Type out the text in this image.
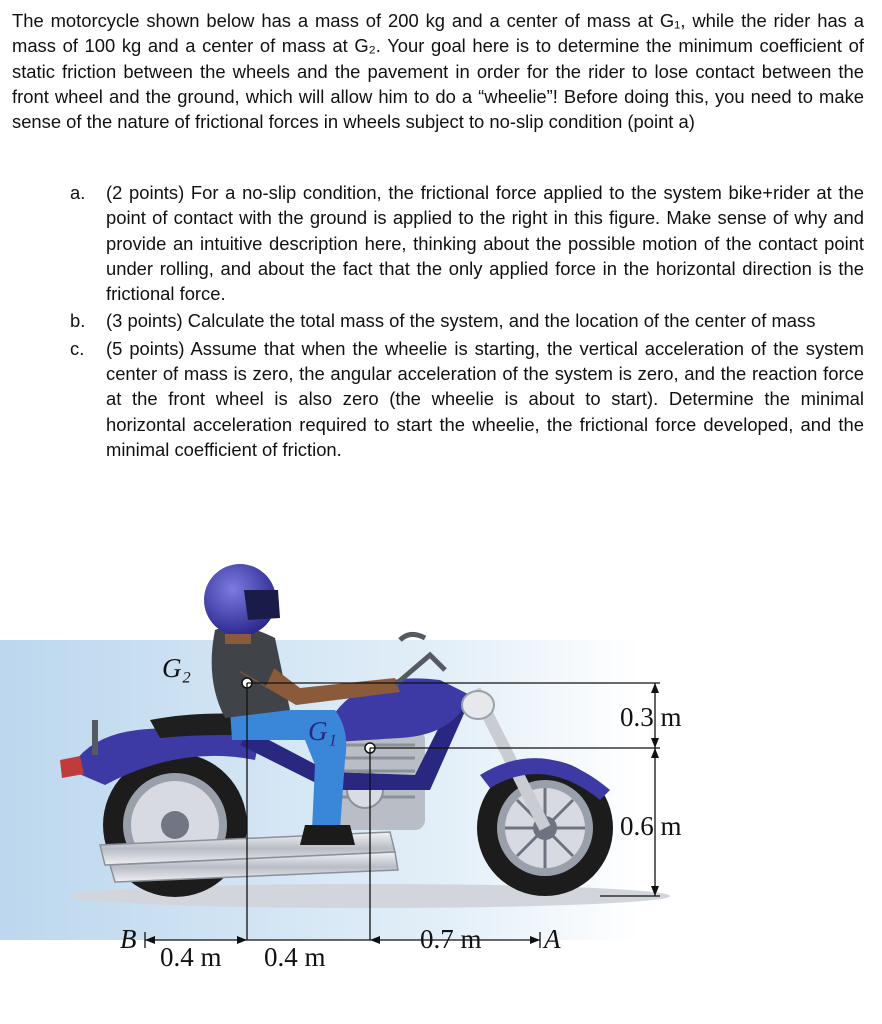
The motorcycle shown below has a mass of 200 kg and a center of mass at G₁, while the rider has a mass of 100 kg and a center of mass at G₂. Your goal here is to determine the minimum coefficient of static friction between the wheels and the pavement in order for the rider to lose contact between the front wheel and the ground, which will allow him to do a “wheelie”! Before doing this, you need to make sense of the nature of frictional forces in wheels subject to no-slip condition (point a)
a. (2 points) For a no-slip condition, the frictional force applied to the system bike+rider at the point of contact with the ground is applied to the right in this figure. Make sense of why and provide an intuitive description here, thinking about the possible motion of the contact point under rolling, and about the fact that the only applied force in the horizontal direction is the frictional force.
b. (3 points) Calculate the total mass of the system, and the location of the center of mass
c. (5 points) Assume that when the wheelie is starting, the vertical acceleration of the system center of mass is zero, the angular acceleration of the system is zero, and the reaction force at the front wheel is also zero (the wheelie is about to start). Determine the minimal horizontal acceleration required to start the wheelie, the frictional force developed, and the minimal coefficient of friction.
G₂
G₁
B	A
0.4 m 0.4 m
0.7 m
0.3 m
0.6 m
